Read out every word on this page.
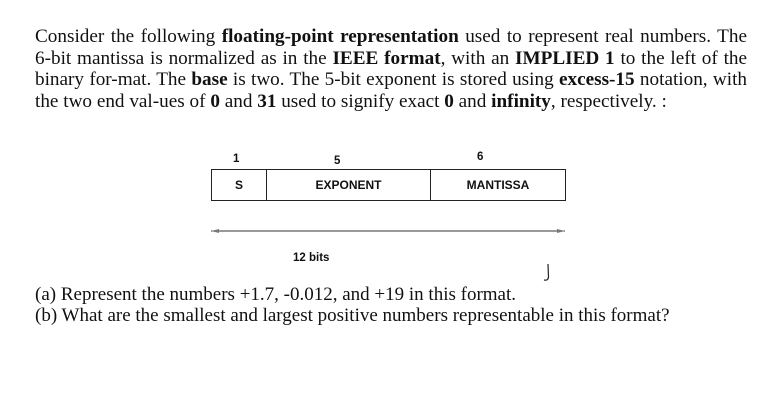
Consider the following floating-point representation used to represent real numbers. The 6-bit mantissa is normalized as in the IEEE format, with an IMPLIED 1 to the left of the binary for-mat. The base is two. The 5-bit exponent is stored using excess-15 notation, with the two end val-ues of 0 and 31 used to signify exact 0 and infinity, respectively. :
1	5	6
S	EXPONENT	MANTISSA
12 bits
(a) Represent the numbers +1.7, -0.012, and +19 in this format.
(b) What are the smallest and largest positive numbers representable in this format?
